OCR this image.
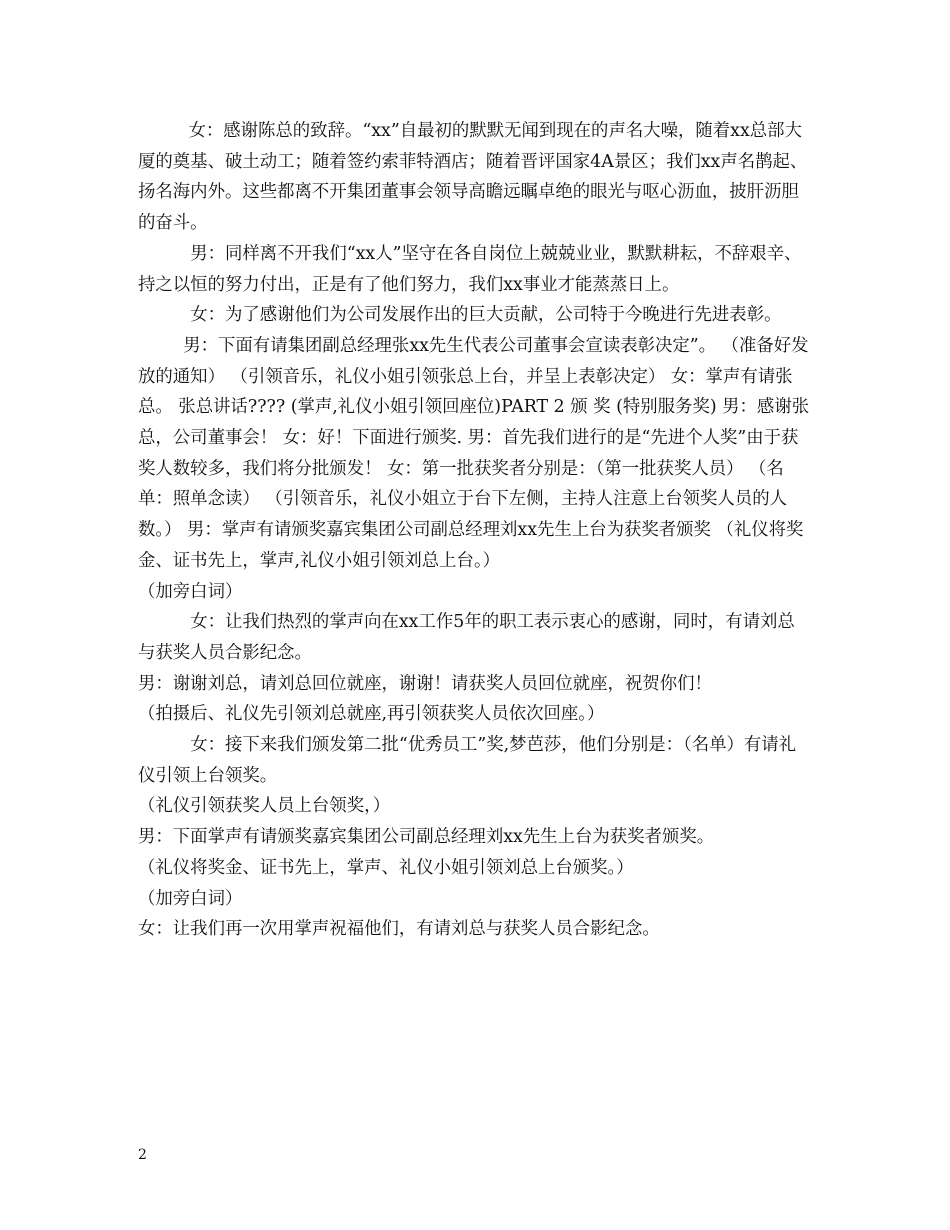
女：感谢陈总的致辞。“xx”自最初的默默无闻到现在的声名大噪，随着xx总部大厦的奠基、破土动工；随着签约索菲特酒店；随着晋评国家4A景区；我们xx声名鹊起、扬名海内外。这些都离不开集团董事会领导高瞻远瞩卓绝的眼光与呕心沥血，披肝沥胆的奋斗。

男：同样离不开我们“xx人”坚守在各自岗位上兢兢业业，默默耕耘，不辞艰辛、持之以恒的努力付出，正是有了他们努力，我们xx事业才能蒸蒸日上。

女：为了感谢他们为公司发展作出的巨大贡献，公司特于今晚进行先进表彰。

男：下面有请集团副总经理张xx先生代表公司董事会宣读表彰决定”。 （准备好发放的通知） （引领音乐，礼仪小姐引领张总上台，并呈上表彰决定） 女：掌声有请张总。 张总讲话???? (掌声,礼仪小姐引领回座位)PART 2 颁 奖 (特别服务奖) 男：感谢张总，公司董事会！ 女：好！下面进行颁奖. 男：首先我们进行的是“先进个人奖”由于获奖人数较多，我们将分批颁发！ 女：第一批获奖者分别是：（第一批获奖人员） （名单：照单念读） （引领音乐，礼仪小姐立于台下左侧，主持人注意上台领奖人员的人数。） 男：掌声有请颁奖嘉宾集团公司副总经理刘xx先生上台为获奖者颁奖 （礼仪将奖金、证书先上，掌声,礼仪小姐引领刘总上台。）

（加旁白词）

女：让我们热烈的掌声向在xx工作5年的职工表示衷心的感谢，同时，有请刘总与获奖人员合影纪念。

男：谢谢刘总，请刘总回位就座，谢谢！请获奖人员回位就座，祝贺你们！

（拍摄后、礼仪先引领刘总就座,再引领获奖人员依次回座。）

女：接下来我们颁发第二批“优秀员工”奖,梦芭莎，他们分别是：（名单）有请礼仪引领上台领奖。

（礼仪引领获奖人员上台领奖，）

男：下面掌声有请颁奖嘉宾集团公司副总经理刘xx先生上台为获奖者颁奖。

（礼仪将奖金、证书先上，掌声、礼仪小姐引领刘总上台颁奖。）

（加旁白词）

女：让我们再一次用掌声祝福他们，有请刘总与获奖人员合影纪念。

2
